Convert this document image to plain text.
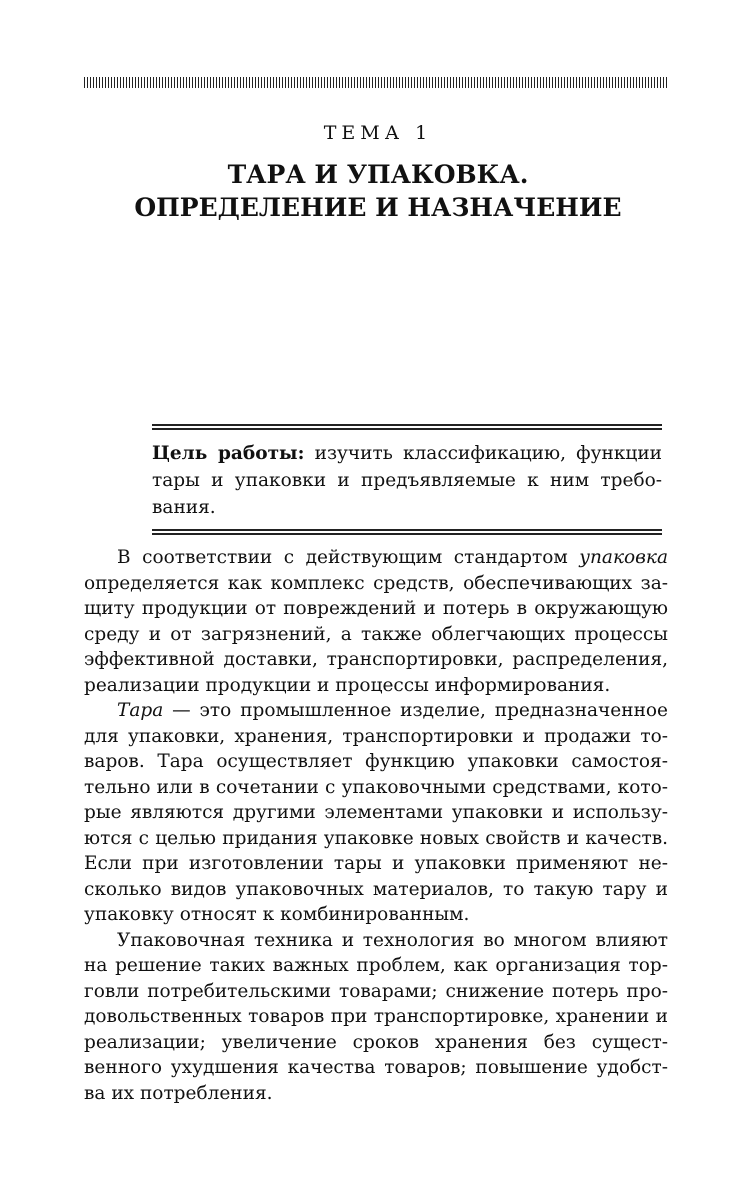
ТЕМА 1
ТАРА И УПАКОВКА.
ОПРЕДЕЛЕНИЕ И НАЗНАЧЕНИЕ
Цель работы: изучить классификацию, функции тары и упаковки и предъявляемые к ним требования.

В соответствии с действующим стандартом упаковка определяется как комплекс средств, обеспечивающих защиту продукции от повреждений и потерь в окружающую среду и от загрязнений, а также облегчающих процессы эффективной доставки, транспортировки, распределения, реализации продукции и процессы информирования.

Тара — это промышленное изделие, предназначенное для упаковки, хранения, транспортировки и продажи товаров. Тара осуществляет функцию упаковки самостоятельно или в сочетании с упаковочными средствами, которые являются другими элементами упаковки и используются с целью придания упаковке новых свойств и качеств. Если при изготовлении тары и упаковки применяют несколько видов упаковочных материалов, то такую тару и упаковку относят к комбинированным.

Упаковочная техника и технология во многом влияют на решение таких важных проблем, как организация торговли потребительскими товарами; снижение потерь продовольственных товаров при транспортировке, хранении и реализации; увеличение сроков хранения без существенного ухудшения качества товаров; повышение удобства их потребления.
